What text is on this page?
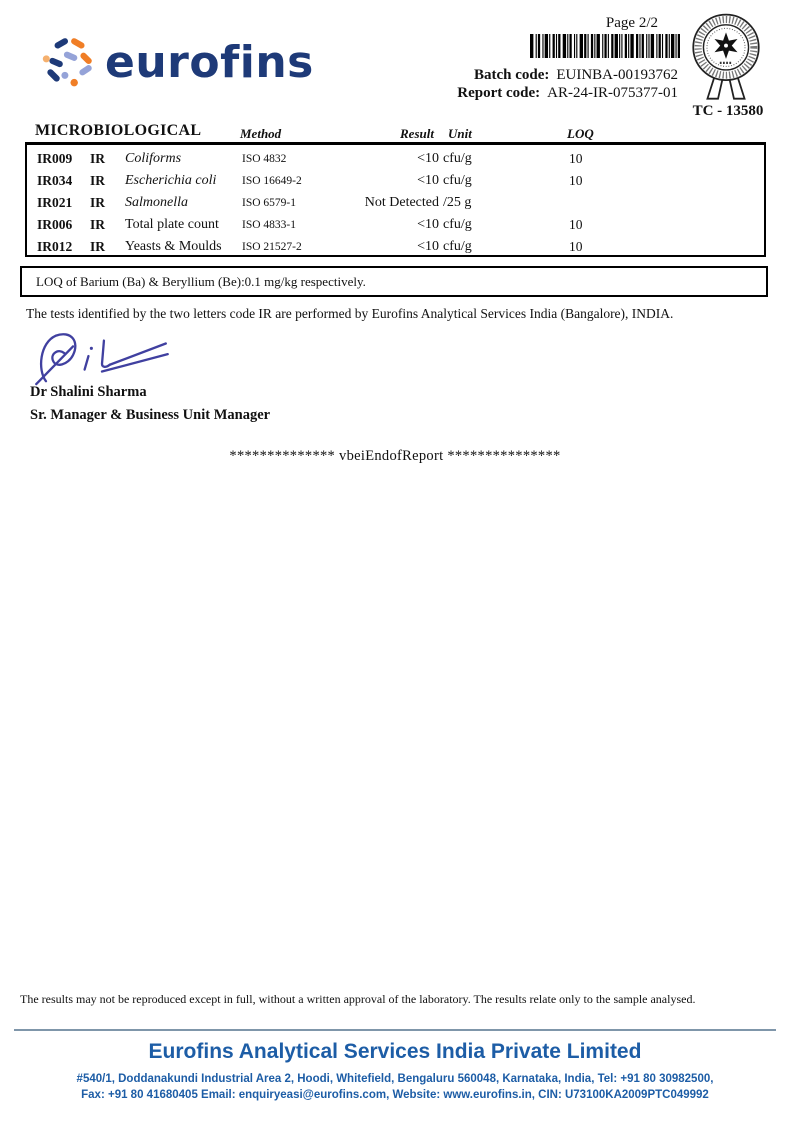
eurofins
Page 2/2
Batch code: EUINBA-00193762
Report code: AR-24-IR-075377-01
TC - 13580
MICROBIOLOGICAL	Method	Result Unit	LOQ
IR009 IR Coliforms	ISO 4832	<10 cfu/g	10
IR034 IR Escherichia coli ISO 16649-2	<10 cfu/g	10
IR021 IR Salmonella	ISO 6579-1	Not Detected /25 g
IR006 IR Total plate count ISO 4833-1	<10 cfu/g	10
IR012 IR Yeasts & Moulds ISO 21527-2	<10 cfu/g	10
LOQ of Barium (Ba) & Beryllium (Be):0.1 mg/kg respectively.
The tests identified by the two letters code IR are performed by Eurofins Analytical Services India (Bangalore), INDIA.
Dr Shalini Sharma
Sr. Manager & Business Unit Manager
************** vbeiEndofReport ***************
The results may not be reproduced except in full, without a written approval of the laboratory. The results relate only to the sample analysed.
Eurofins Analytical Services India Private Limited
#540/1, Doddanakundi Industrial Area 2, Hoodi, Whitefield, Bengaluru 560048, Karnataka, India, Tel: +91 80 30982500,
Fax: +91 80 41680405 Email: enquiryeasi@eurofins.com, Website: www.eurofins.in, CIN: U73100KA2009PTC049992
